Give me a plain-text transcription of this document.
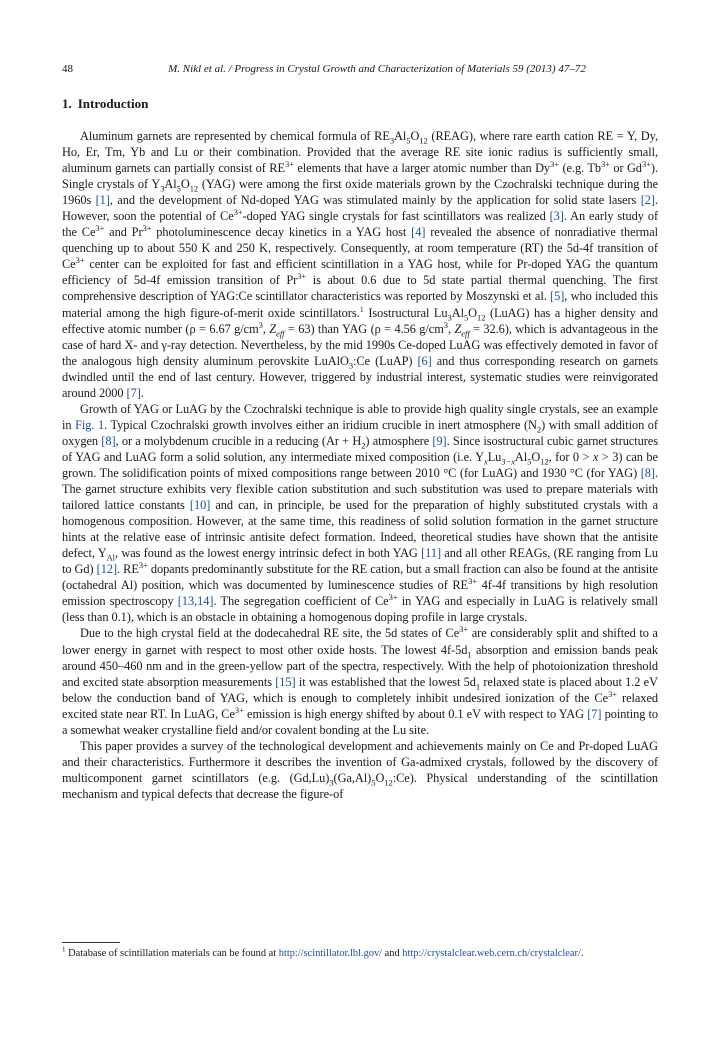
48	M. Nikl et al. / Progress in Crystal Growth and Characterization of Materials 59 (2013) 47–72
1. Introduction

Aluminum garnets are represented by chemical formula of $RE_3Al_5O_{12}$ (REAG), where rare earth cation RE = Y, Dy, Ho, Er, Tm, Yb and Lu or their combination. Provided that the average RE site ionic radius is sufficiently small, aluminum garnets can partially consist of $RE^{3+}$ elements that have a larger atomic number than $Dy^{3+}$ (e.g. $Tb^{3+}$ or $Gd^{3+}$). Single crystals of $Y_3Al_5O_{12}$ (YAG) were among the first oxide materials grown by the Czochralski technique during the 1960s [1], and the development of Nd-doped YAG was stimulated mainly by the application for solid state lasers [2]. However, soon the potential of $Ce^{3+}$-doped YAG single crystals for fast scintillators was realized [3]. An early study of the $Ce^{3+}$ and $Pr^{3+}$ photoluminescence decay kinetics in a YAG host [4] revealed the absence of nonradiative thermal quenching up to about 550 K and 250 K, respectively. Consequently, at room temperature (RT) the 5d-4f transition of $Ce^{3+}$ center can be exploited for fast and efficient scintillation in a YAG host, while for Pr-doped YAG the quantum efficiency of 5d-4f emission transition of $Pr^{3+}$ is about 0.6 due to 5d state partial thermal quenching. The first comprehensive description of YAG:Ce scintillator characteristics was reported by Moszynski et al. [5], who included this material among the high figure-of-merit oxide scintillators.$^1$ Isostructural $Lu_3Al_5O_{12}$ (LuAG) has a higher density and effective atomic number (ρ = 6.67 $g/cm^3$, $Z_{eff} = 63$) than YAG (ρ = 4.56 $g/cm^3$, $Z_{eff} = 32.6$), which is advantageous in the case of hard X- and γ-ray detection. Nevertheless, by the mid 1990s Ce-doped LuAG was effectively demoted in favor of the analogous high density aluminum perovskite LuAlO$_3$:Ce (LuAP) [6] and thus corresponding research on garnets dwindled until the end of last century. However, triggered by industrial interest, systematic studies were reinvigorated around 2000 [7].

Growth of YAG or LuAG by the Czochralski technique is able to provide high quality single crystals, see an example in Fig. 1. Typical Czochralski growth involves either an iridium crucible in inert atmosphere $(N_2)$ with small addition of oxygen [8], or a molybdenum crucible in a reducing $(Ar + H_2)$ atmosphere [9]. Since isostructural cubic garnet structures of YAG and LuAG form a solid solution, any intermediate mixed composition (i.e. $Y_xLu_{3-x}Al_5O_{12}$, for 0 > x > 3) can be grown. The solidification points of mixed compositions range between 2010 °C (for LuAG) and 1930 °C (for YAG) [8]. The garnet structure exhibits very flexible cation substitution and such substitution was used to prepare materials with tailored lattice constants [10] and can, in principle, be used for the preparation of highly substituted crystals with a homogenous composition. However, at the same time, this readiness of solid solution formation in the garnet structure hints at the relative ease of intrinsic antisite defect formation. Indeed, theoretical studies have shown that the antisite defect, $Y_{Al}$, was found as the lowest energy intrinsic defect in both YAG [11] and all other REAGs, (RE ranging from Lu to Gd) [12]. $RE^{3+}$ dopants predominantly substitute for the RE cation, but a small fraction can also be found at the antisite (octahedral Al) position, which was documented by luminescence studies of $RE^{3+}$ 4f-4f transitions by high resolution emission spectroscopy [13,14]. The segregation coefficient of $Ce^{3+}$ in YAG and especially in LuAG is relatively small (less than 0.1), which is an obstacle in obtaining a homogenous doping profile in large crystals.

Due to the high crystal field at the dodecahedral RE site, the 5d states of $Ce^{3+}$ are considerably split and shifted to a lower energy in garnet with respect to most other oxide hosts. The lowest $4f-5d_1$ absorption and emission bands peak around 450–460 nm and in the green-yellow part of the spectra, respectively. With the help of photoionization threshold and excited state absorption measurements [15] it was established that the lowest $5d_1$ relaxed state is placed about 1.2 eV below the conduction band of YAG, which is enough to completely inhibit undesired ionization of the $Ce^{3+}$ relaxed excited state near RT. In LuAG, $Ce^{3+}$ emission is high energy shifted by about 0.1 eV with respect to YAG [7] pointing to a somewhat weaker crystalline field and/or covalent bonding at the Lu site.

This paper provides a survey of the technological development and achievements mainly on Ce and Pr-doped LuAG and their characteristics. Furthermore it describes the invention of Ga-admixed crystals, followed by the discovery of multicomponent garnet scintillators (e.g. $(Gd,Lu)_3(Ga,Al)_5O_{12}:Ce$). Physical understanding of the scintillation mechanism and typical defects that decrease the figure-of

$^1$ Database of scintillation materials can be found at http://scintillator.lbl.gov/ and http://crystalclear.web.cern.ch/crystalclear/.
